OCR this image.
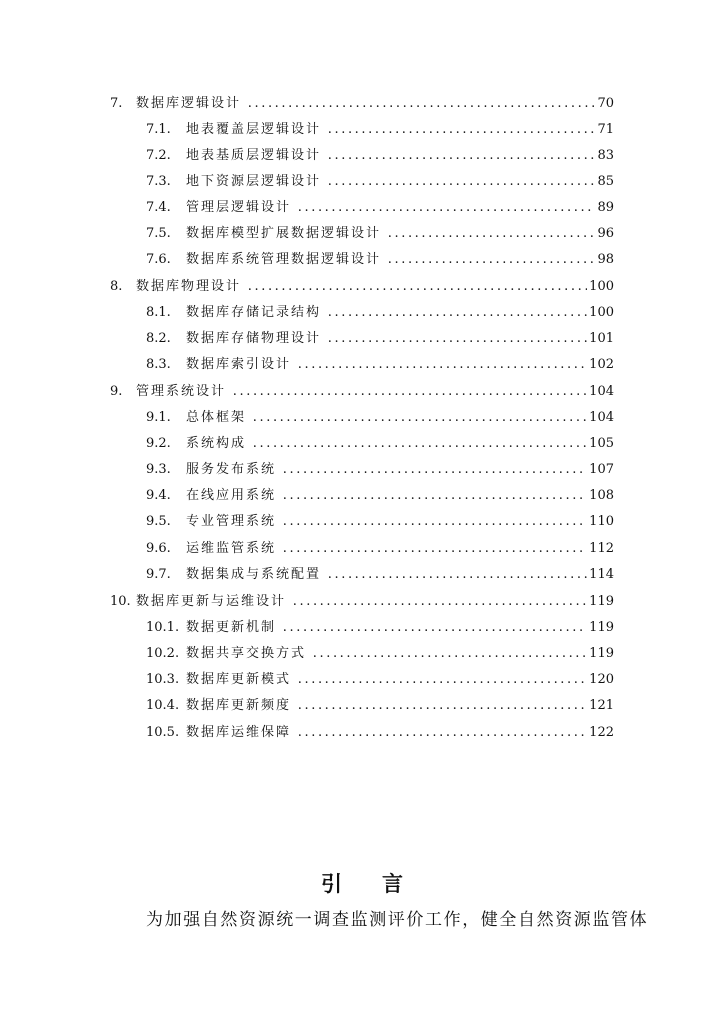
7. 数据库逻辑设计 .....	70
7.1. 地表覆盖层逻辑设计 .....	71
7.2. 地表基质层逻辑设计 .....	83
7.3. 地下资源层逻辑设计 .....	85
7.4. 管理层逻辑设计 .....	89
7.5. 数据库模型扩展数据逻辑设计 .....	96
7.6. 数据库系统管理数据逻辑设计 .....	98
8. 数据库物理设计 .....	100
8.1. 数据库存储记录结构 .....	100
8.2. 数据库存储物理设计 .....	101
8.3. 数据库索引设计 .....	102
9. 管理系统设计 .....	104
9.1. 总体框架 .....	104
9.2. 系统构成 .....	105
9.3. 服务发布系统 .....	107
9.4. 在线应用系统 .....	108
9.5. 专业管理系统 .....	110
9.6. 运维监管系统 .....	112
9.7. 数据集成与系统配置 .....	114
10. 数据库更新与运维设计 .....	119
10.1. 数据更新机制 .....	119
10.2. 数据共享交换方式 .....	119
10.3. 数据库更新模式 .....	120
10.4. 数据库更新频度 .....	121
10.5. 数据库运维保障 .....	122
引言
为加强自然资源统一调查监测评价工作，健全自然资源监管体
